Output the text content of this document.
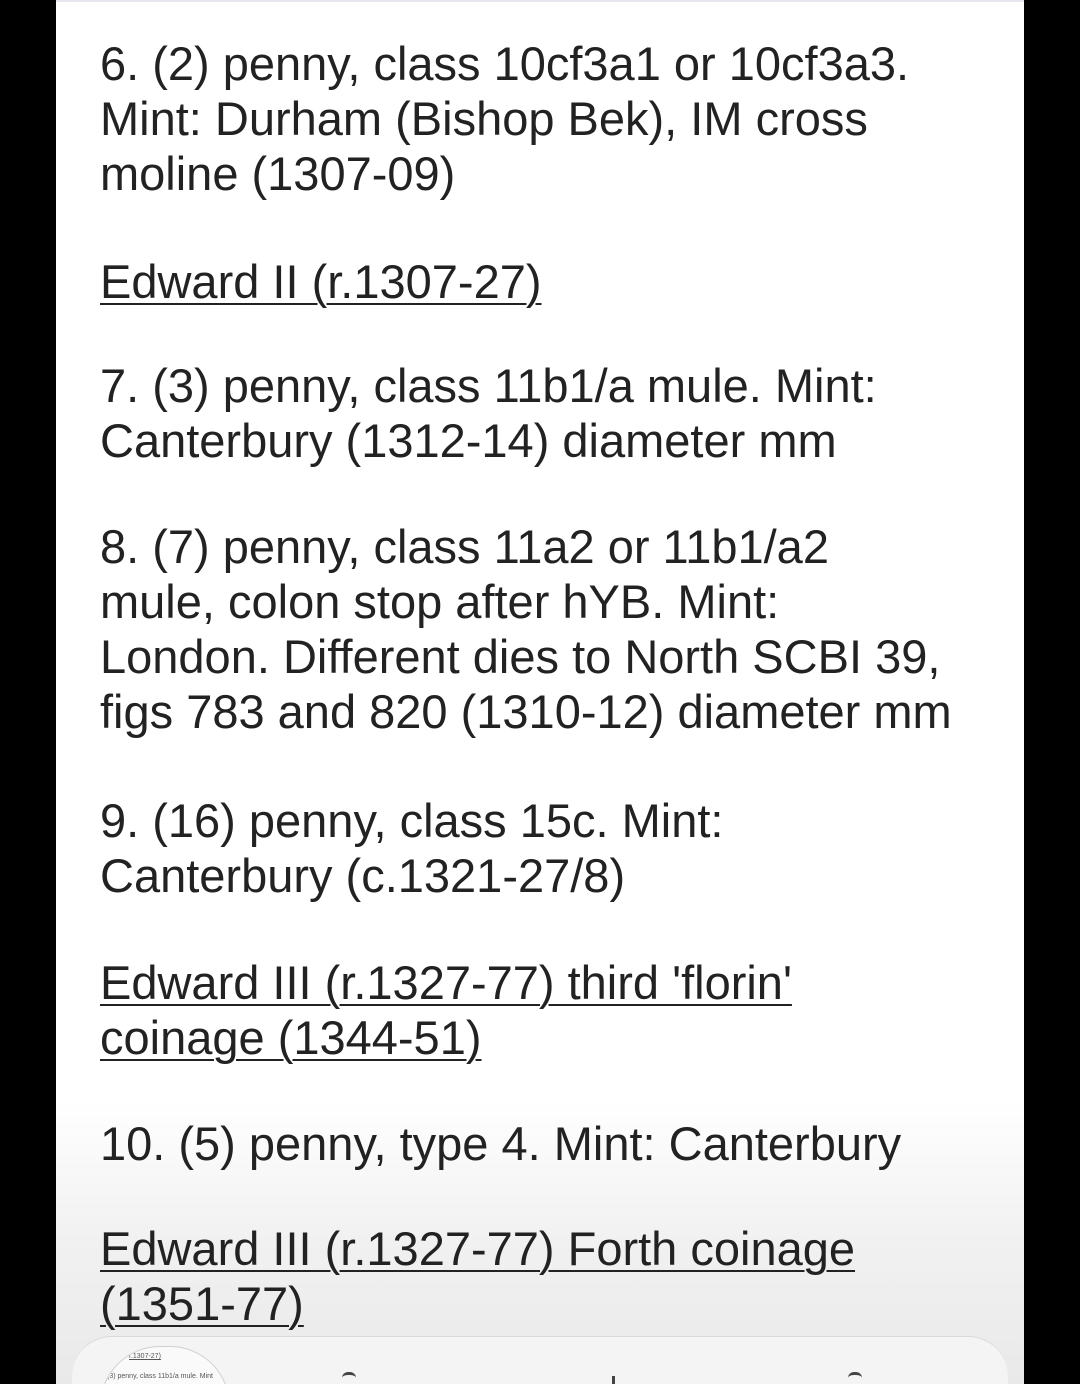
6. (2) penny, class 10cf3a1 or 10cf3a3.
Mint: Durham (Bishop Bek), IM cross
moline (1307-09)
Edward II (r.1307-27)
7. (3) penny, class 11b1/a mule. Mint:
Canterbury (1312-14) diameter mm
8. (7) penny, class 11a2 or 11b1/a2
mule, colon stop after hYB. Mint:
London. Different dies to North SCBI 39,
figs 783 and 820 (1310-12) diameter mm
9. (16) penny, class 15c. Mint:
Canterbury (c.1321-27/8)
Edward III (r.1327-77) third 'florin'
coinage (1344-51)
10. (5) penny, type 4. Mint: Canterbury
Edward III (r.1327-77) Forth coinage
(1351-77)
r.1307-27)
(3) penny, class 11b1/a mule. Mint
